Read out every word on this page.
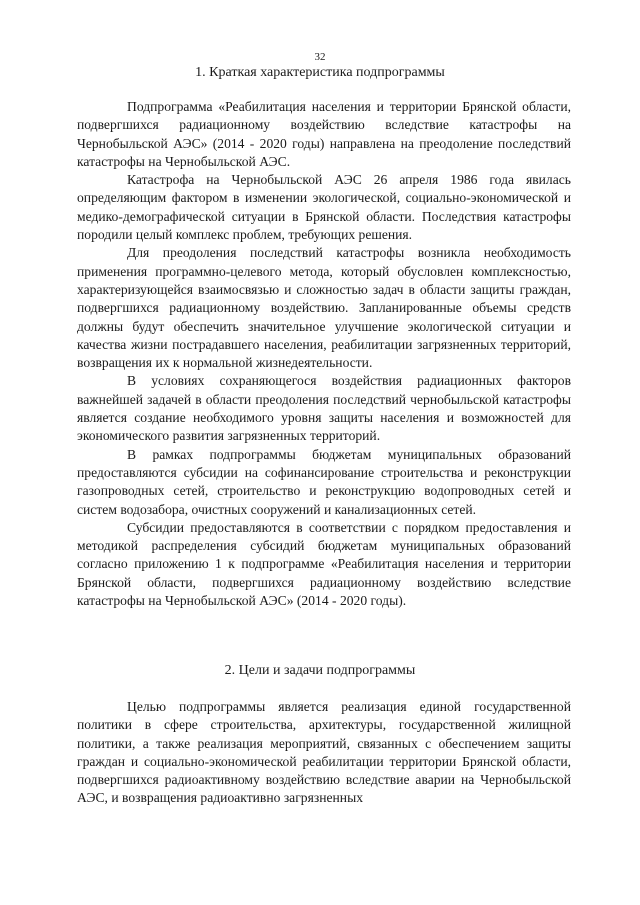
32
1. Краткая характеристика подпрограммы

Подпрограмма «Реабилитация населения и территории Брянской области, подвергшихся радиационному воздействию вследствие катастрофы на Чернобыльской АЭС» (2014 - 2020 годы) направлена на преодоление последствий катастрофы на Чернобыльской АЭС.

Катастрофа на Чернобыльской АЭС 26 апреля 1986 года явилась определяющим фактором в изменении экологической, социально-экономической и медико-демографической ситуации в Брянской области. Последствия катастрофы породили целый комплекс проблем, требующих решения.

Для преодоления последствий катастрофы возникла необходимость применения программно-целевого метода, который обусловлен комплексностью, характеризующейся взаимосвязью и сложностью задач в области защиты граждан, подвергшихся радиационному воздействию. Запланированные объемы средств должны будут обеспечить значительное улучшение экологической ситуации и качества жизни пострадавшего населения, реабилитации загрязненных территорий, возвращения их к нормальной жизнедеятельности.

В условиях сохраняющегося воздействия радиационных факторов важнейшей задачей в области преодоления последствий чернобыльской катастрофы является создание необходимого уровня защиты населения и возможностей для экономического развития загрязненных территорий.

В рамках подпрограммы бюджетам муниципальных образований предоставляются субсидии на софинансирование строительства и реконструкции газопроводных сетей, строительство и реконструкцию водопроводных сетей и систем водозабора, очистных сооружений и канализационных сетей.

Субсидии предоставляются в соответствии с порядком предоставления и методикой распределения субсидий бюджетам муниципальных образований согласно приложению 1 к подпрограмме «Реабилитация населения и территории Брянской области, подвергшихся радиационному воздействию вследствие катастрофы на Чернобыльской АЭС» (2014 - 2020 годы).

2. Цели и задачи подпрограммы

Целью подпрограммы является реализация единой государственной политики в сфере строительства, архитектуры, государственной жилищной политики, а также реализация мероприятий, связанных с обеспечением защиты граждан и социально-экономической реабилитации территории Брянской области, подвергшихся радиоактивному воздействию вследствие аварии на Чернобыльской АЭС, и возвращения радиоактивно загрязненных
